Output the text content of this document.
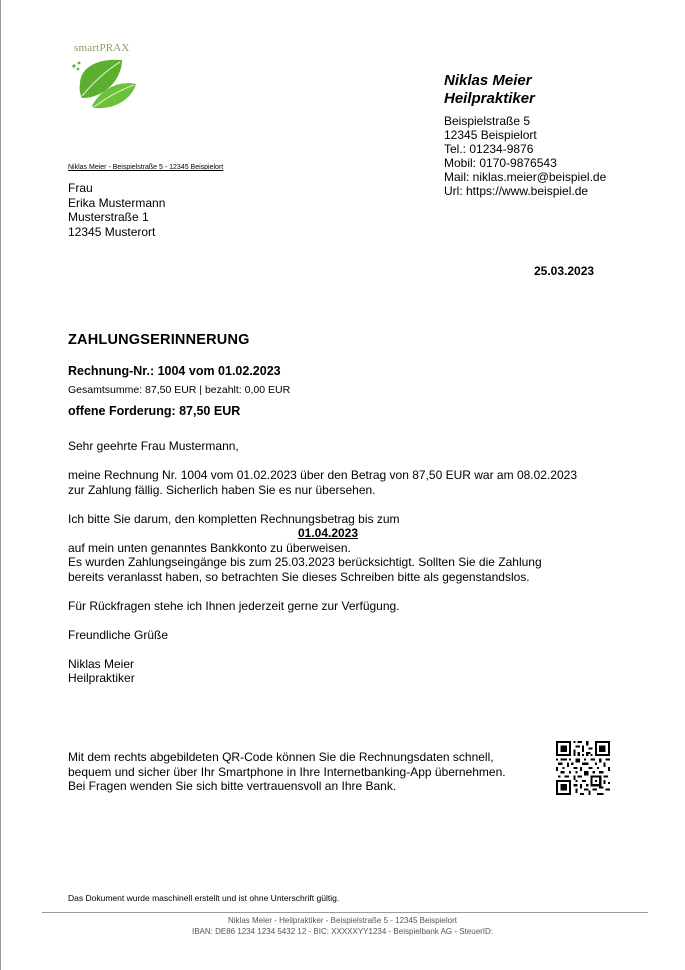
smartPRAX
Niklas Meier
Heilpraktiker
Beispielstraße 5
12345 Beispielort
Tel.: 01234-9876
Mobil: 0170-9876543
Mail: niklas.meier@beispiel.de
Url: https://www.beispiel.de
Niklas Meier - Beispielstraße 5 - 12345 Beispielort
Frau
Erika Mustermann
Musterstraße 1
12345 Musterort
25.03.2023
ZAHLUNGSERINNERUNG
Rechnung-Nr.: 1004 vom 01.02.2023
Gesamtsumme: 87,50 EUR | bezahlt: 0,00 EUR
offene Forderung: 87,50 EUR

Sehr geehrte Frau Mustermann,

meine Rechnung Nr. 1004 vom 01.02.2023 über den Betrag von 87,50 EUR war am 08.02.2023

zur Zahlung fällig. Sicherlich haben Sie es nur übersehen.

Ich bitte Sie darum, den kompletten Rechnungsbetrag bis zum

01.04.2023

auf mein unten genanntes Bankkonto zu überweisen.

Es wurden Zahlungseingänge bis zum 25.03.2023 berücksichtigt. Sollten Sie die Zahlung

bereits veranlasst haben, so betrachten Sie dieses Schreiben bitte als gegenstandslos.

Für Rückfragen stehe ich Ihnen jederzeit gerne zur Verfügung.

Freundliche Grüße

Niklas Meier

Heilpraktiker

Mit dem rechts abgebildeten QR-Code können Sie die Rechnungsdaten schnell,
bequem und sicher über Ihr Smartphone in Ihre Internetbanking-App übernehmen.
Bei Fragen wenden Sie sich bitte vertrauensvoll an Ihre Bank.
Das Dokument wurde maschinell erstellt und ist ohne Unterschrift gültig.
Niklas Meier - Heilpraktiker - Beispielstraße 5 - 12345 Beispielort
IBAN: DE86 1234 1234 5432 12 - BIC: XXXXXYY1234 - Beispielbank AG - SteuerID:
